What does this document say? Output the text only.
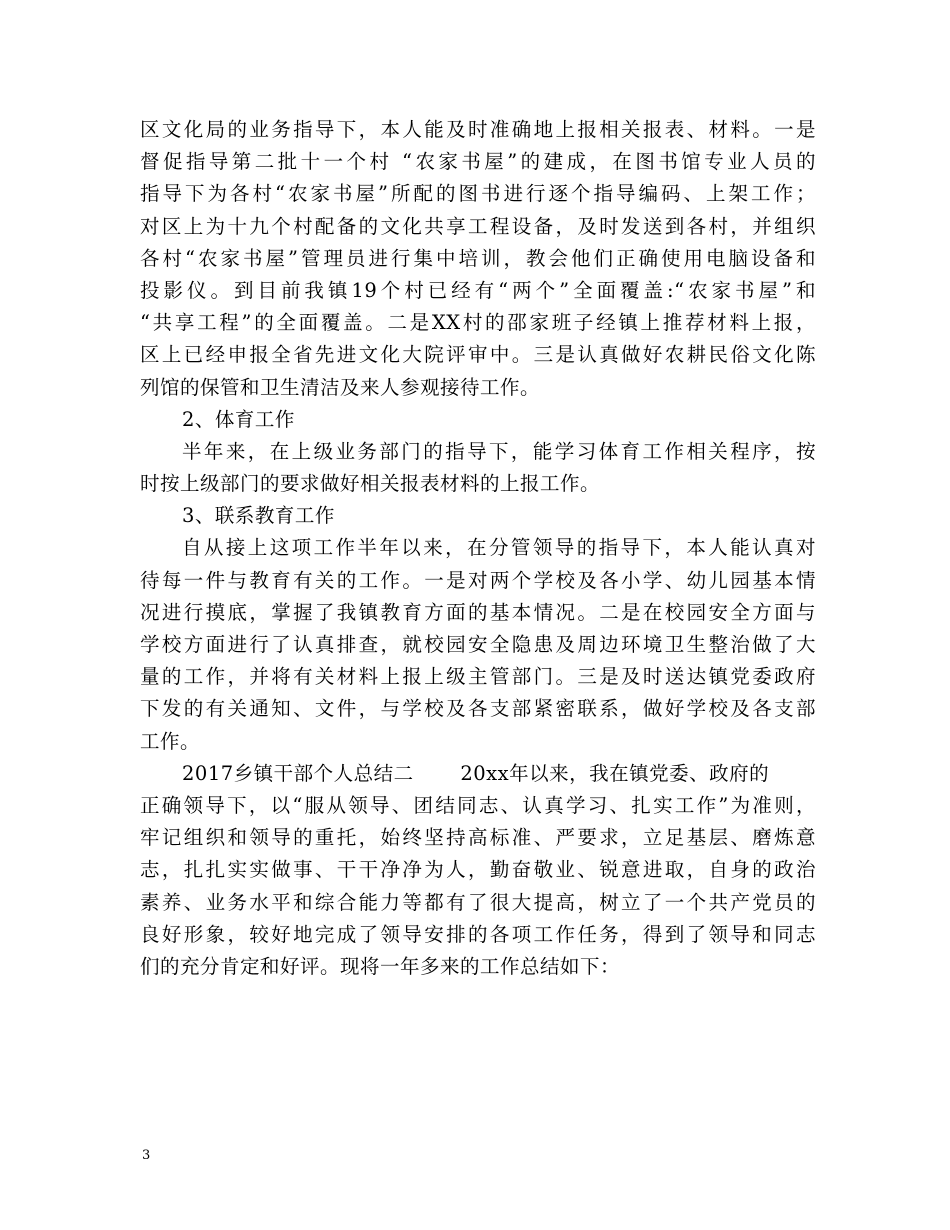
区文化局的业务指导下，本人能及时准确地上报相关报表、材料。一是
督促指导第二批十一个村 “农家书屋”的建成，在图书馆专业人员的
指导下为各村“农家书屋”所配的图书进行逐个指导编码、上架工作；
对区上为十九个村配备的文化共享工程设备，及时发送到各村，并组织
各村“农家书屋”管理员进行集中培训，教会他们正确使用电脑设备和
投影仪。到目前我镇19个村已经有“两个”全面覆盖:“农家书屋”和
“共享工程”的全面覆盖。二是XX村的邵家班子经镇上推荐材料上报，
区上已经申报全省先进文化大院评审中。三是认真做好农耕民俗文化陈
列馆的保管和卫生清洁及来人参观接待工作。
2、体育工作
半年来，在上级业务部门的指导下，能学习体育工作相关程序，按
时按上级部门的要求做好相关报表材料的上报工作。
3、联系教育工作
自从接上这项工作半年以来，在分管领导的指导下，本人能认真对
待每一件与教育有关的工作。一是对两个学校及各小学、幼儿园基本情
况进行摸底，掌握了我镇教育方面的基本情况。二是在校园安全方面与
学校方面进行了认真排查，就校园安全隐患及周边环境卫生整治做了大
量的工作，并将有关材料上报上级主管部门。三是及时送达镇党委政府
下发的有关通知、文件，与学校及各支部紧密联系，做好学校及各支部
工作。
2017乡镇干部个人总结二　　 20xx年以来，我在镇党委、政府的
正确领导下，以“服从领导、团结同志、认真学习、扎实工作”为准则，
牢记组织和领导的重托，始终坚持高标准、严要求，立足基层、磨炼意
志，扎扎实实做事、干干净净为人，勤奋敬业、锐意进取，自身的政治
素养、业务水平和综合能力等都有了很大提高，树立了一个共产党员的
良好形象，较好地完成了领导安排的各项工作任务，得到了领导和同志
们的充分肯定和好评。现将一年多来的工作总结如下：
3
